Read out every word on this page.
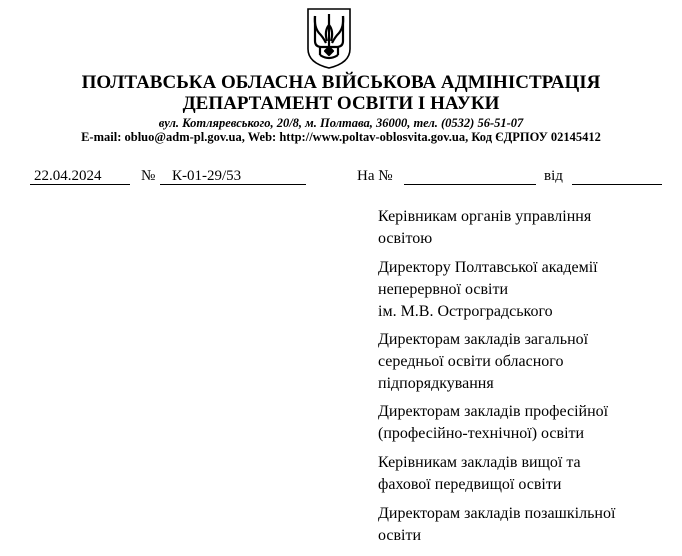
ПОЛТАВСЬКА ОБЛАСНА ВІЙСЬКОВА АДМІНІСТРАЦІЯ
ДЕПАРТАМЕНТ ОСВІТИ І НАУКИ
вул. Котляревського, 20/8, м. Полтава, 36000, тел. (0532) 56-51-07
E-mail: obluo@adm-pl.gov.ua, Web: http://www.poltav-oblosvita.gov.ua, Код ЄДРПОУ 02145412
22.04.2024	№ К-01-29/53	На №	від
Керівникам органів управління
освітою
Директору Полтавської академії
неперервної освіти
ім. М.В. Остроградського
Директорам закладів загальної
середньої освіти обласного
підпорядкування
Директорам закладів професійної
(професійно-технічної) освіти
Керівникам закладів вищої та
фахової передвищої освіти
Директорам закладів позашкільної
освіти
